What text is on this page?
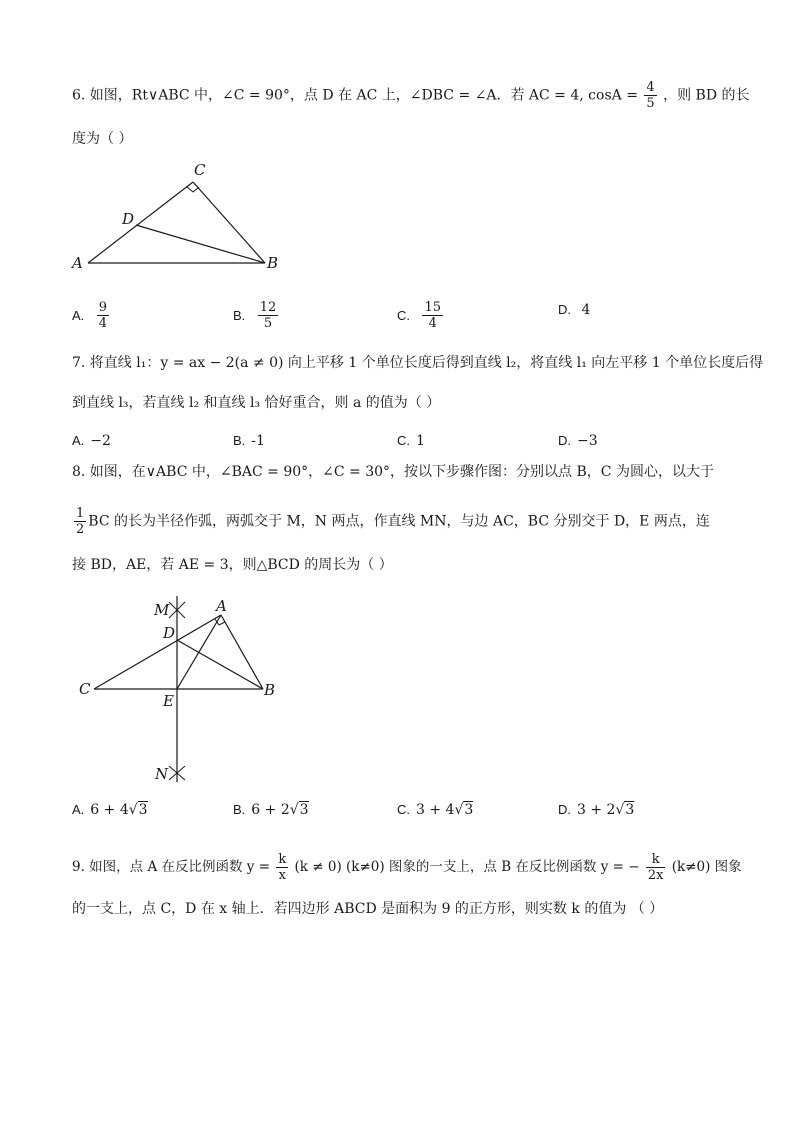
6. 如图，Rt∨ABC 中，∠C = 90°，点 D 在 AC 上，∠DBC = ∠A．若 AC = 4, $\cos A = \frac{4}{5}$ ，则 BD 的长
度为（ ）
C
D
A	B
A. $\frac{9}{4}$	B. $\frac{12}{5}$	C. $\frac{15}{4}$	D. 4
7. 将直线 l₁：y = ax − 2(a ≠ 0) 向上平移 1 个单位长度后得到直线 l₂，将直线 l₁ 向左平移 1 个单位长度后得
到直线 l₃，若直线 l₂ 和直线 l₃ 恰好重合，则 a 的值为（ ）
A. −2	B. -1	C. 1	D. −3
8. 如图，在∨ABC 中，∠BAC = 90°，∠C = 30°，按以下步骤作图：分别以点 B，C 为圆心，以大于
$\frac{1}{2}$ BC 的长为半径作弧，两弧交于 M，N 两点，作直线 MN，与边 AC，BC 分别交于 D，E 两点，连
接 BD，AE，若 AE = 3，则△BCD 的周长为（ ）
M	A
D
C
E
B
N
A. 6 + 4√3	B. 6 + 2√3	C. 3 + 4√3	D. 3 + 2√3
9. 如图，点 A 在反比例函数 $y = \frac{k}{x} (k \ne 0)$ (k≠0) 图象的一支上，点 B 在反比例函数 y = − $\frac{k}{2x} (k\ne 0)$ 图象
的一支上，点 C，D 在 x 轴上．若四边形 ABCD 是面积为 9 的正方形，则实数 k 的值为 （ ）
